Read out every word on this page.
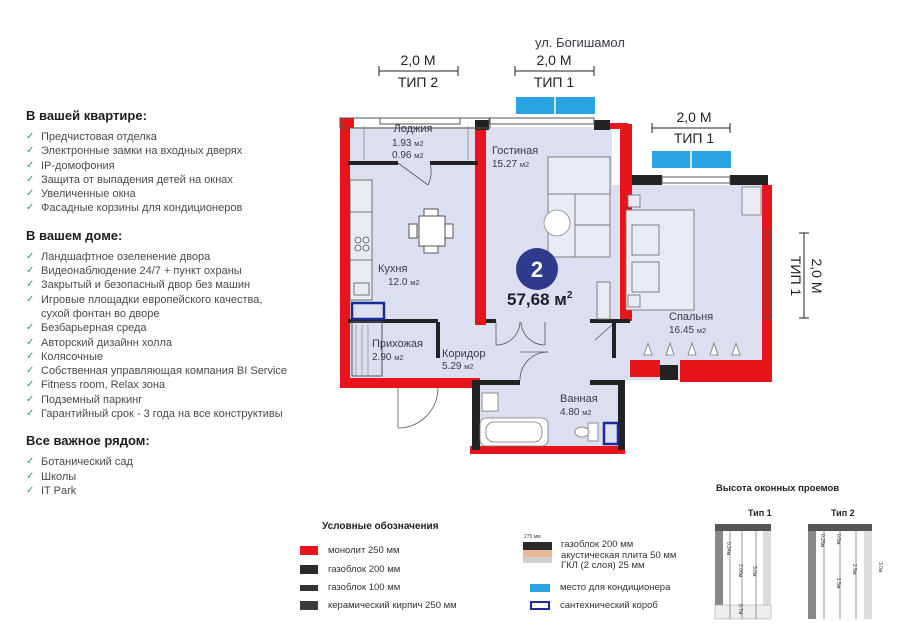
В вашей квартире:
✓ Предчистовая отделка
✓ Электронные замки на входных дверях
✓ IP-домофония
✓ Защита от выпадения детей на окнах
✓ Увеличенные окна
✓ Фасадные корзины для кондиционеров
В вашем доме:
✓ Ландшафтное озеленение двора
✓ Видеонаблюдение 24/7 + пункт охраны
✓ Закрытый и безопасный двор без машин
✓ Игровые площадки европейского качества,
сухой фонтан во дворе
✓ Безбарьерная среда
✓ Авторский дизайнн холла
✓ Колясочные
✓ Собственная управляющая компания BI Service
✓ Fitness room, Relax зона
✓ Подземный паркинг
✓ Гарантийный срок - 3 года на все конструктивы
Все важное рядом:
✓ Ботанический сад
✓ Школы
✓ IT Park
ул. Богишамол
2,0 М
ТИП 2
2,0 М
ТИП 1
2,0 М
ТИП 1
2,0 М
ТИП 1
Лоджия
1.93 м2
0.96 м2	Гостиная
15.27 м2
Кухня
12.0 м2
Спальня
16.45 м2
Прихожая
2.90 м2	Коридор
5.29 м2
Ванная
4.80 м2
2
57,68 $м^2$
Условные обозначения
монолит 250 мм
газоблок 200 мм
газоблок 100 мм
керамический кирпич 250 мм
275 мм
газоблок 200 мм
акустическая плита 50 мм
ГКЛ (2 слоя) 25 мм
место для кондиционера
сантехнический короб
Высота оконных проемов
Тип 1
0.24м
2.06м
0.7м
3.0м
Тип 2
0.25м 0.5м
1.5м
2.5м	3.0м
